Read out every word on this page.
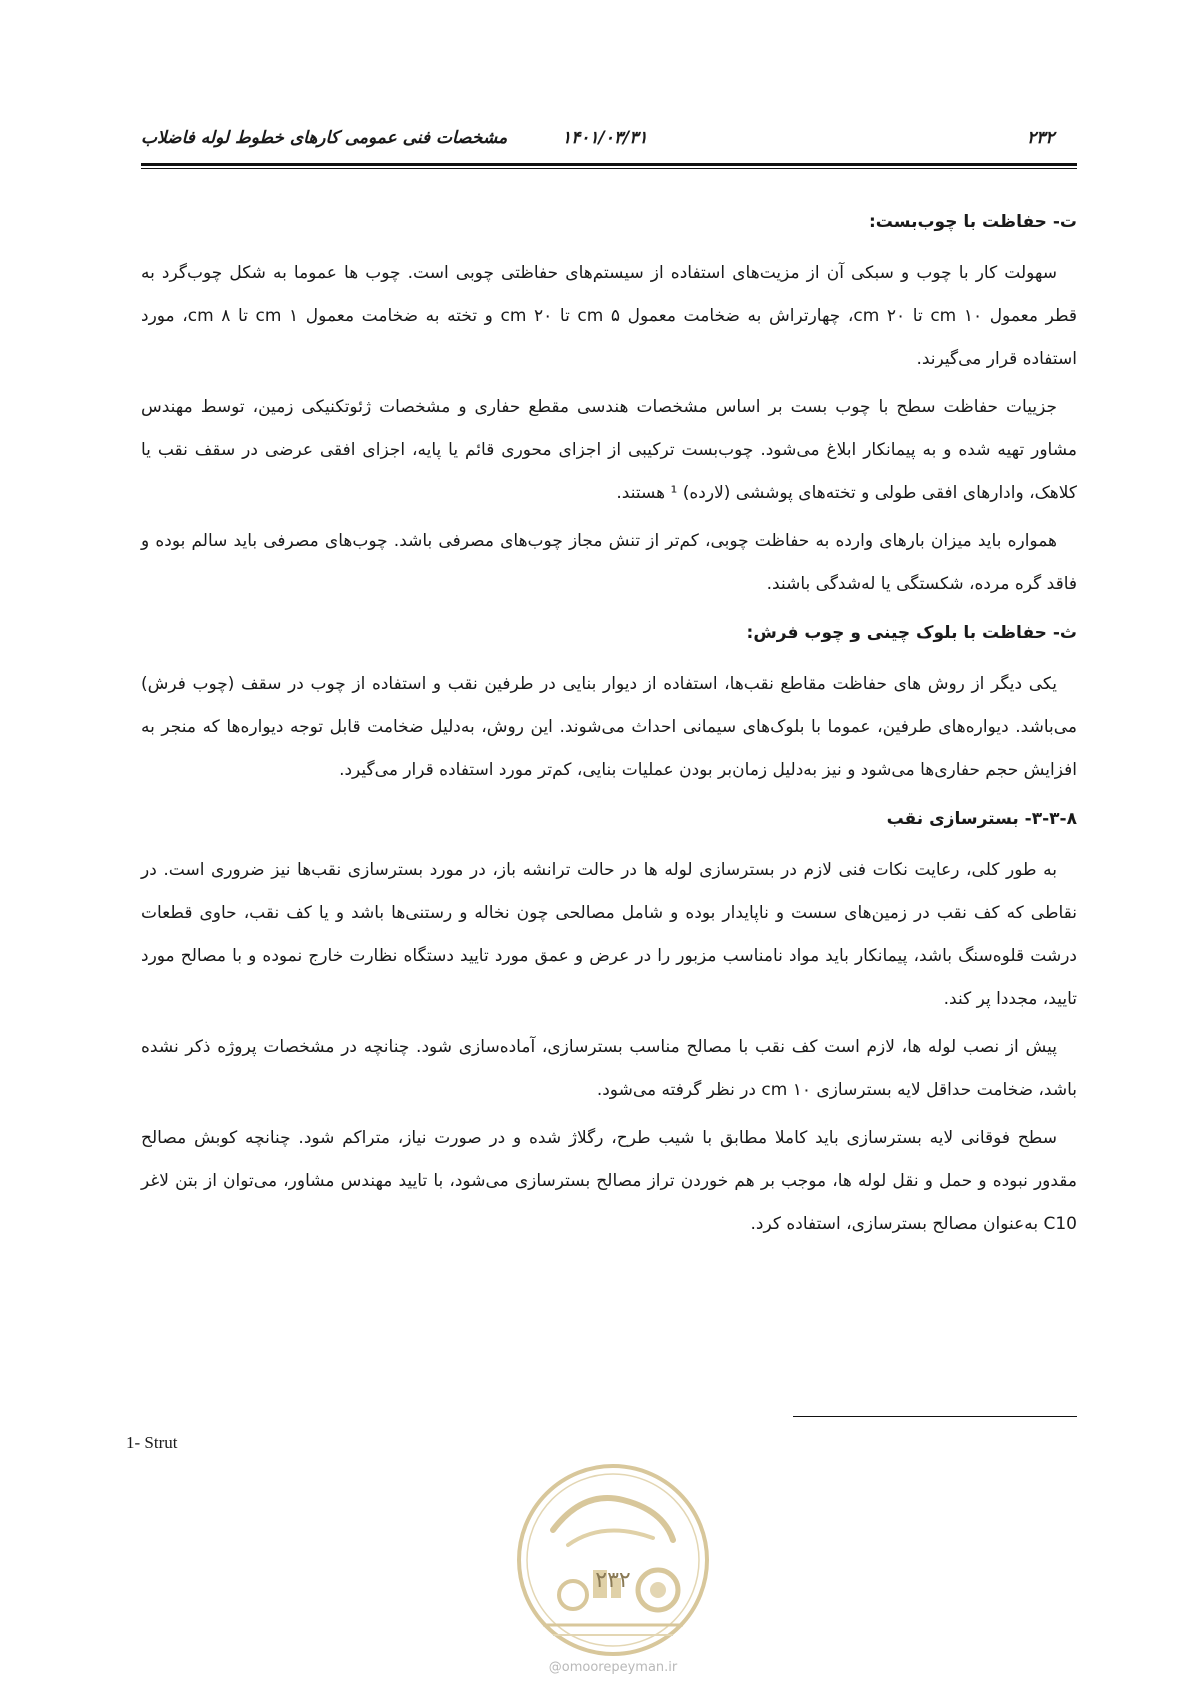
۲۳۲
۱۴۰۱/۰۳/۳۱
مشخصات فنی عمومی کارهای خطوط لوله فاضلاب
ت- حفاظت با چوب‌بست:

سهولت کار با چوب و سبکی آن از مزیت‌های استفاده از سیستم‌های حفاظتی چوبی است. چوب ها عموما به شکل چوب‌گرد به قطر معمول cm ۱۰ تا cm ۲۰، چهارتراش به ضخامت معمول cm ۵ تا cm ۲۰ و تخته به ضخامت معمول cm ۱ تا cm ۸، مورد استفاده قرار می‌گیرند.

جزییات حفاظت سطح با چوب بست بر اساس مشخصات هندسی مقطع حفاری و مشخصات ژئوتکنیکی زمین، توسط مهندس مشاور تهیه شده و به پیمانکار ابلاغ می‌شود. چوب‌بست ترکیبی از اجزای محوری قائم یا پایه، اجزای افقی عرضی در سقف نقب یا کلاهک، وادارهای افقی طولی و تخته‌های پوششی (لارده) ¹ هستند.

همواره باید میزان بارهای وارده به حفاظت چوبی، کم‌تر از تنش مجاز چوب‌های مصرفی باشد. چوب‌های مصرفی باید سالم بوده و فاقد گره مرده، شکستگی یا له‌شدگی باشند.

ث- حفاظت با بلوک چینی و چوب فرش:

یکی دیگر از روش های حفاظت مقاطع نقب‌ها، استفاده از دیوار بنایی در طرفین نقب و استفاده از چوب در سقف (چوب فرش) می‌باشد. دیواره‌های طرفین، عموما با بلوک‌های سیمانی احداث می‌شوند. این روش، به‌دلیل ضخامت قابل توجه دیواره‌ها که منجر به افزایش حجم حفاری‌ها می‌شود و نیز به‌دلیل زمان‌بر بودن عملیات بنایی، کم‌تر مورد استفاده قرار می‌گیرد.

۳-۳-۸- بسترسازی نقب

به طور کلی، رعایت نکات فنی لازم در بسترسازی لوله ها در حالت ترانشه باز، در مورد بسترسازی نقب‌ها نیز ضروری است. در نقاطی که کف نقب در زمین‌های سست و ناپایدار بوده و شامل مصالحی چون نخاله و رستنی‌ها باشد و یا کف نقب، حاوی قطعات درشت قلوه‌سنگ باشد، پیمانکار باید مواد نامناسب مزبور را در عرض و عمق مورد تایید دستگاه نظارت خارج نموده و با مصالح مورد تایید، مجددا پر کند.

پیش از نصب لوله ها، لازم است کف نقب با مصالح مناسب بسترسازی، آماده‌سازی شود. چنانچه در مشخصات پروژه ذکر نشده باشد، ضخامت حداقل لایه بسترسازی cm ۱۰ در نظر گرفته می‌شود.

سطح فوقانی لایه بسترسازی باید کاملا مطابق با شیب طرح، رگلاژ شده و در صورت نیاز، متراکم شود. چنانچه کوبش مصالح مقدور نبوده و حمل و نقل لوله ها، موجب بر هم خوردن تراز مصالح بسترسازی می‌شود، با تایید مهندس مشاور، می‌توان از بتن لاغر C10 به‌عنوان مصالح بسترسازی، استفاده کرد.

1- Strut
۲۳۲
@omoorepeyman.ir
